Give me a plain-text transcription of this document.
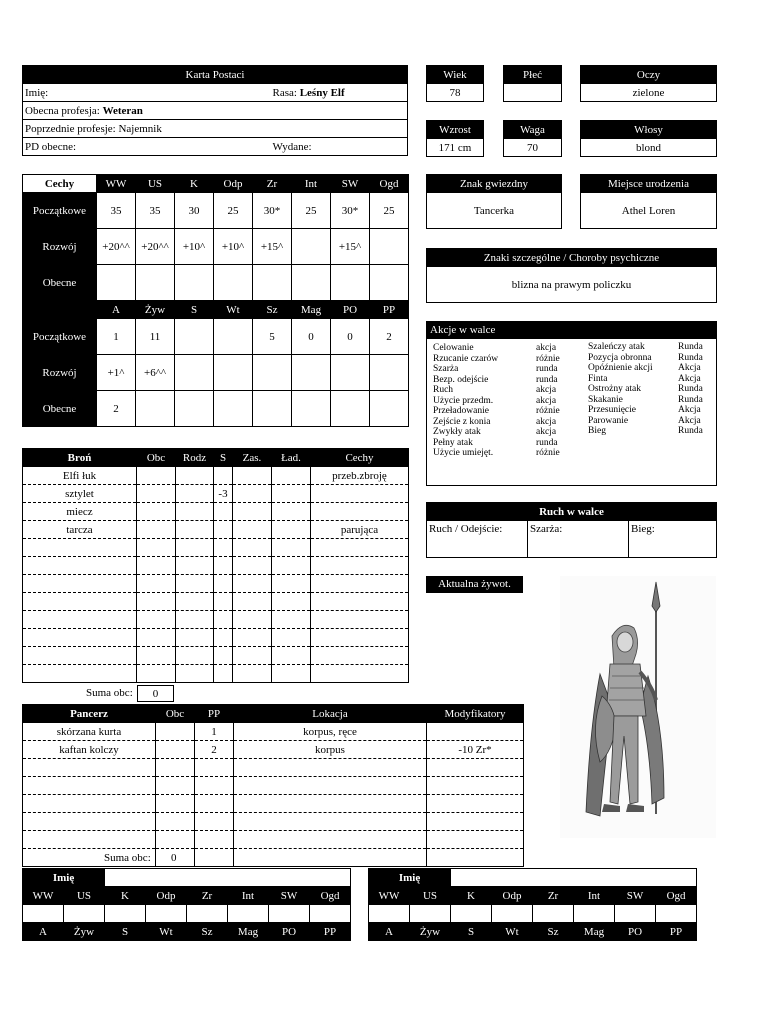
Karta Postaci
Imię:	Rasa: Leśny Elf

Obecna profesja: Weteran
Poprzednie profesje: Najemnik
PD obecne:	Wydane:
Wiek
78
Płeć	Oczy
zielone
Wzrost
171 cm
Waga
70
Włosy
blond
Znak gwiezdny
Tancerka
Miejsce urodzenia
Athel Loren
Znaki szczególne / Choroby psychiczne
blizna na prawym policzku
Cechy	WW	US	K	Odp	Zr	Int	SW	Ogd
Początkowe	35	35	30	25	30*	25	30*	25
Rozwój	+20^^	+20^^	+10^	+10^	+15^		+15^	
Obecne								
	A	Żyw	S	Wt	Sz	Mag	PO	PP
Początkowe	1	11			5	0	0	2
Rozwój	+1^	+6^^						
Obecne	2							
Akcje w walce
Celowanie	akcja
Rzucanie czarów	różnie
Szarża	runda
Bezp. odejście	runda
Ruch	akcja
Użycie przedm.	akcja
Przeładowanie	różnie
Zejście z konia	akcja
Zwykły atak	akcja
Pełny atak	runda
Użycie umiejęt.	różnie
Szaleńczy atak	Runda
Pozycja obronna	Runda
Opóźnienie akcji	Akcja
Finta	Akcja
Ostrożny atak	Runda
Skakanie	Runda
Przesunięcie	Akcja
Parowanie	Akcja
Bieg	Runda
Ruch w walce
Ruch / Odejście:	Szarża:	Bieg:
Aktualna żywot.
Broń	Obc	Rodz	S	Zas.	Ład.	Cechy
Elfi łuk						przeb.zbroję
sztylet			-3			
miecz						
tarcza						parująca

Suma obc:	0
Pancerz	Obc	PP	Lokacja	Modyfikatory
skórzana kurta		1	korpus, ręce	
kaftan kolczy		2	korpus	-10 Zr*

Suma obc: 0
Imię							
WW	US	K	Odp	Zr	Int	SW	Ogd

A	Żyw	S	Wt	Sz	Mag	PO	PP
Imię							
WW	US	K	Odp	Zr	Int	SW	Ogd

A	Żyw	S	Wt	Sz	Mag	PO	PP
